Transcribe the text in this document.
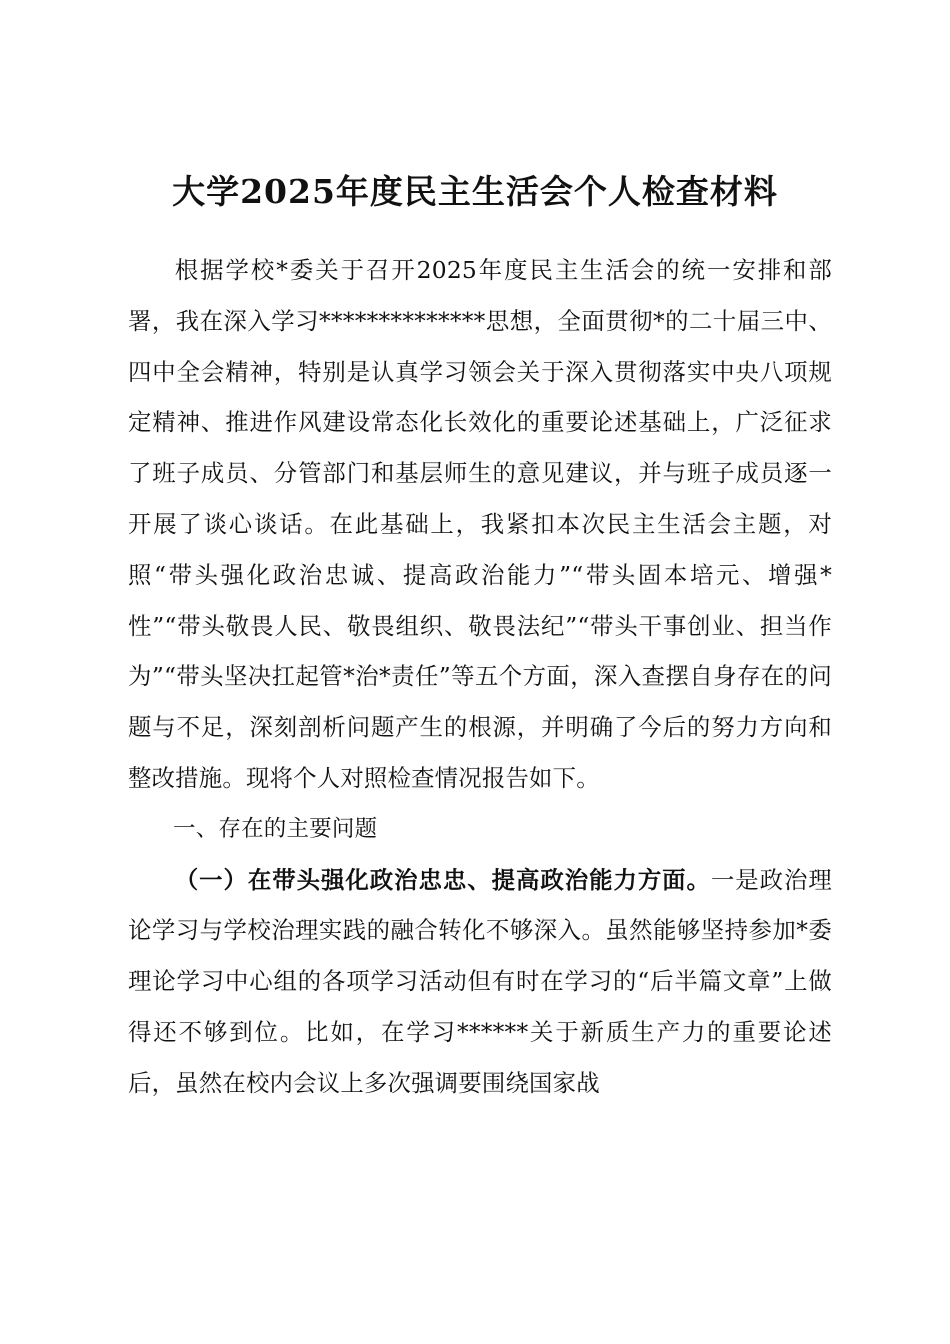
大学2025年度民主生活会个人检查材料

根据学校*委关于召开2025年度民主生活会的统一安排和部署，我在深入学习**************思想，全面贯彻*的二十届三中、四中全会精神，特别是认真学习领会关于深入贯彻落实中央八项规定精神、推进作风建设常态化长效化的重要论述基础上，广泛征求了班子成员、分管部门和基层师生的意见建议，并与班子成员逐一开展了谈心谈话。在此基础上，我紧扣本次民主生活会主题，对照“带头强化政治忠诚、提高政治能力”“带头固本培元、增强*性”“带头敬畏人民、敬畏组织、敬畏法纪”“带头干事创业、担当作为”“带头坚决扛起管*治*责任”等五个方面，深入查摆自身存在的问题与不足，深刻剖析问题产生的根源，并明确了今后的努力方向和整改措施。现将个人对照检查情况报告如下。

一、存在的主要问题

（一）在带头强化政治忠忠、提高政治能力方面。一是政治理论学习与学校治理实践的融合转化不够深入。虽然能够坚持参加*委理论学习中心组的各项学习活动但有时在学习的“后半篇文章”上做得还不够到位。比如，在学习******关于新质生产力的重要论述后，虽然在校内会议上多次强调要围绕国家战
